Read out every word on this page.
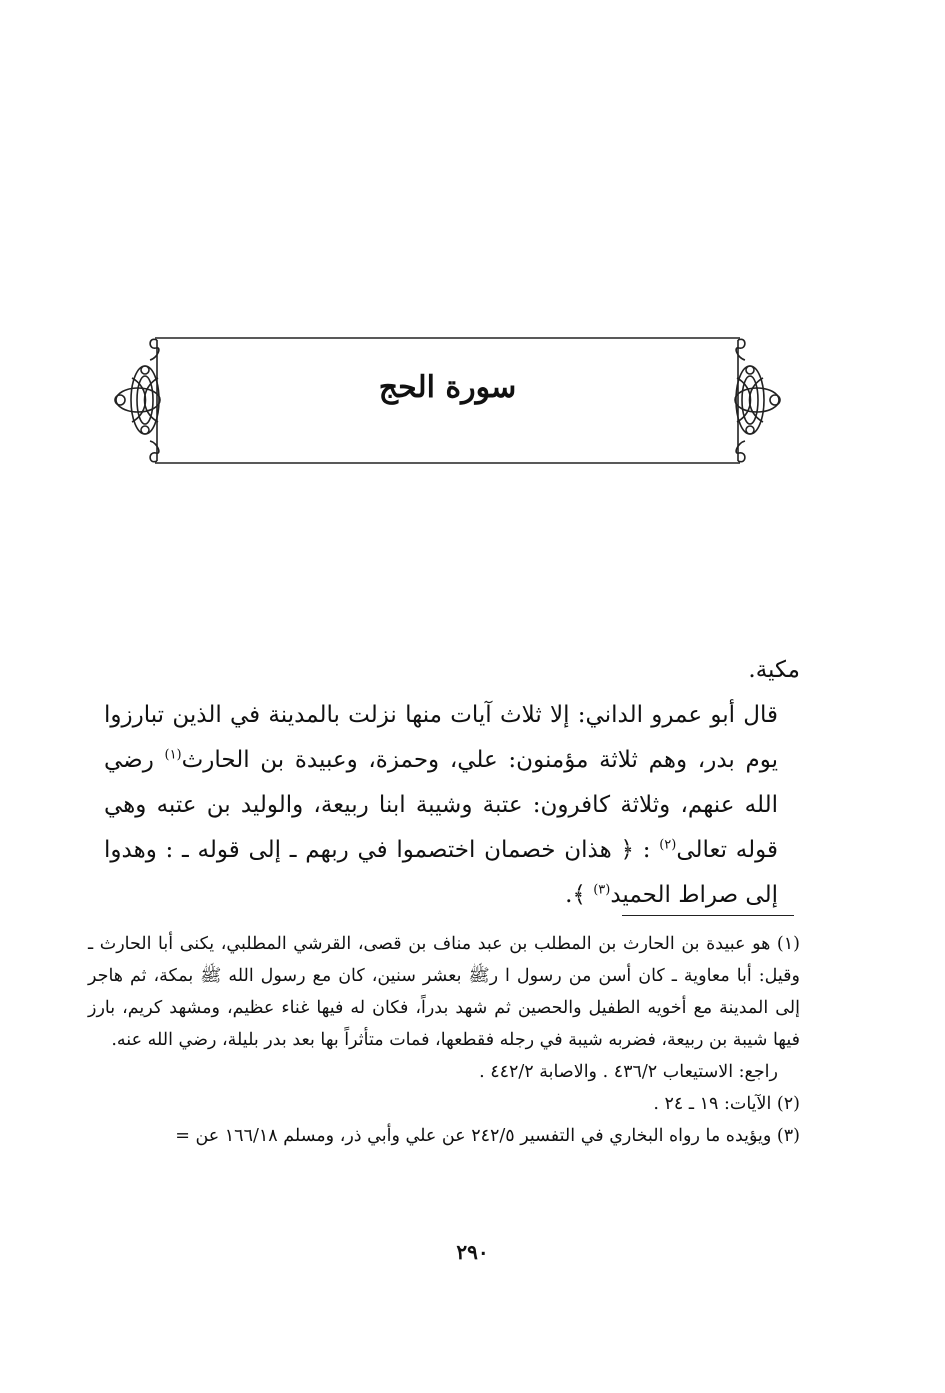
سورة الحج

مكية.

قال أبو عمرو الداني: إلا ثلاث آيات منها نزلت بالمدينة في الذين تبارزوا يوم بدر، وهم ثلاثة مؤمنون: علي، وحمزة، وعبيدة بن الحارث$^{(١)}$ رضي الله عنهم، وثلاثة كافرون: عتبة وشيبة ابنا ربيعة، والوليد بن عتبه وهي قوله تعالى$^{(٢)}$ : ﴿ هذان خصمان اختصموا في ربهم ـ إلى قوله ـ : وهدوا إلى صراط الحميد$^{(٣)}$ ﴾.

(١) هو عبيدة بن الحارث بن المطلب بن عبد مناف بن قصى، القرشي المطلبي، يكنى أبا الحارث ـ وقيل: أبا معاوية ـ كان أسن من رسول ا رﷺ بعشر سنين، كان مع رسول الله ﷺ بمكة، ثم هاجر إلى المدينة مع أخويه الطفيل والحصين ثم شهد بدراً، فكان له فيها غناء عظيم، ومشهد كريم، بارز فيها شيبة بن ربيعة، فضربه شيبة في رجله فقطعها، فمات متأثراً بها بعد بدر بليلة، رضي الله عنه.

راجع: الاستيعاب ٤٣٦/٢ . والاصابة ٤٤٢/٢ .

(٢) الآيات: ١٩ ـ ٢٤ .

(٣) ويؤيده ما رواه البخاري في التفسير ٢٤٢/٥ عن علي وأبي ذر، ومسلم ١٦٦/١٨ عن =

٢٩٠
